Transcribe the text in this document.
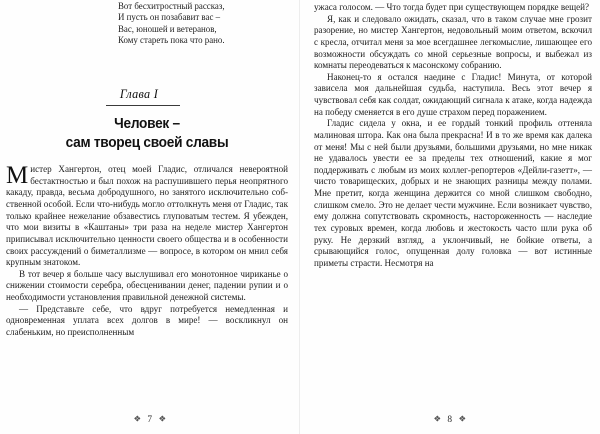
Вот бесхитростный рассказ,
И пусть он позабавит вас –
Вас, юношей и ветеранов,
Кому стареть пока что рано.
Глава I
Человек –
сам творец своей славы

Мистер Хангертон, отец моей Гладис, отличался невероятной бестактностью и был похож на распушившего перья неопрятного какаду, правда, весьма добродушного, но занятого исключительно собственной особой. Если что-нибудь могло оттолкнуть меня от Гладис, так только крайнее нежелание обзавестись глуповатым тестем. Я убежден, что мои визиты в «Каштаны» три раза на неделе мистер Хангертон приписывал исключительно ценности своего общества и в особенности своих рассуждений о биметаллизме — вопросе, в котором он мнил себя крупным знатоком.

В тот вечер я больше часу выслушивал его монотонное чириканье о снижении стоимости серебра, обесценивании денег, падении рупии и о необходимости установления правильной денежной системы.

— Представьте себе, что вдруг потребуется немедленная и одновременная уплата всех долгов в мире! — воскликнул он слабеньким, но преисполненным

❖ 7 ❖

ужаса голосом. — Что тогда будет при существующем порядке вещей?

Я, как и следовало ожидать, сказал, что в таком случае мне грозит разорение, но мистер Хангертон, недовольный моим ответом, вскочил с кресла, отчитал меня за мое всегдашнее легкомыслие, лишающее его возможности обсуждать со мной серьезные вопросы, и выбежал из комнаты переодеваться к масонскому собранию.

Наконец-то я остался наедине с Гладис! Минута, от которой зависела моя дальнейшая судьба, наступила. Весь этот вечер я чувствовал себя как солдат, ожидающий сигнала к атаке, когда надежда на победу сменяется в его душе страхом перед поражением.

Гладис сидела у окна, и ее гордый тонкий профиль оттеняла малиновая штора. Как она была прекрасна! И в то же время как далека от меня! Мы с ней были друзьями, большими друзьями, но мне никак не удавалось увести ее за пределы тех отношений, какие я мог поддерживать с любым из моих коллег-репортеров «Дейли-газетт», — чисто товарищеских, добрых и не знающих разницы между полами. Мне претит, когда женщина держится со мной слишком свободно, слишком смело. Это не делает чести мужчине. Если возникает чувство, ему должна сопутствовать скромность, настороженность — наследие тех суровых времен, когда любовь и жестокость часто шли рука об руку. Не дерзкий взгляд, а уклончивый, не бойкие ответы, а срывающийся голос, опущенная долу головка — вот истинные приметы страсти. Несмотря на

❖ 8 ❖
